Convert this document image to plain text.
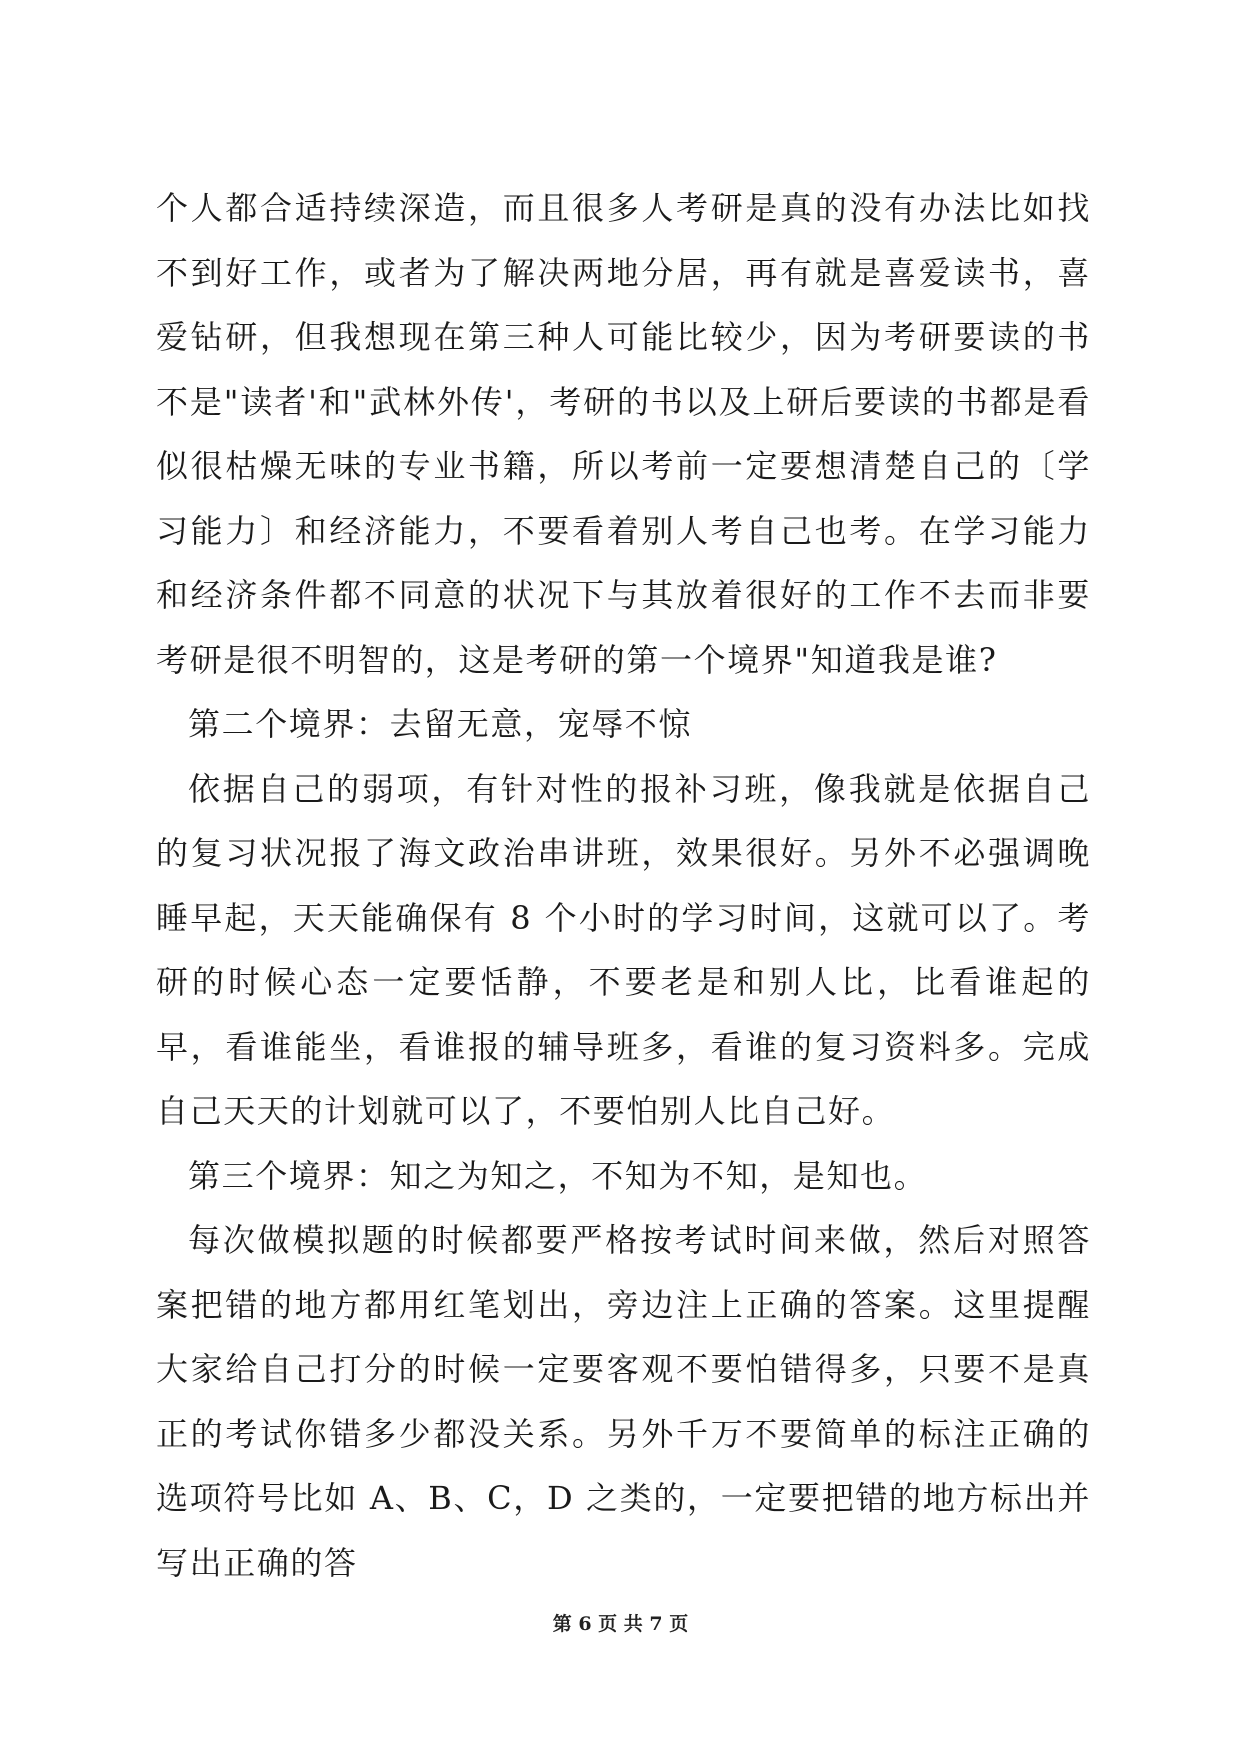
个人都合适持续深造，而且很多人考研是真的没有办法比如找不到好工作，或者为了解决两地分居，再有就是喜爱读书，喜爱钻研，但我想现在第三种人可能比较少，因为考研要读的书不是"读者'和"武林外传'，考研的书以及上研后要读的书都是看似很枯燥无味的专业书籍，所以考前一定要想清楚自己的〔学习能力〕和经济能力，不要看着别人考自己也考。在学习能力和经济条件都不同意的状况下与其放着很好的工作不去而非要考研是很不明智的，这是考研的第一个境界"知道我是谁?

第二个境界：去留无意，宠辱不惊

依据自己的弱项，有针对性的报补习班，像我就是依据自己的复习状况报了海文政治串讲班，效果很好。另外不必强调晚睡早起，天天能确保有 8 个小时的学习时间，这就可以了。考研的时候心态一定要恬静，不要老是和别人比，比看谁起的早，看谁能坐，看谁报的辅导班多，看谁的复习资料多。完成自己天天的计划就可以了，不要怕别人比自己好。

第三个境界：知之为知之，不知为不知，是知也。

每次做模拟题的时候都要严格按考试时间来做，然后对照答案把错的地方都用红笔划出，旁边注上正确的答案。这里提醒大家给自己打分的时候一定要客观不要怕错得多，只要不是真正的考试你错多少都没关系。另外千万不要简单的标注正确的选项符号比如 A、B、C，D 之类的，一定要把错的地方标出并写出正确的答

第 6 页 共 7 页
